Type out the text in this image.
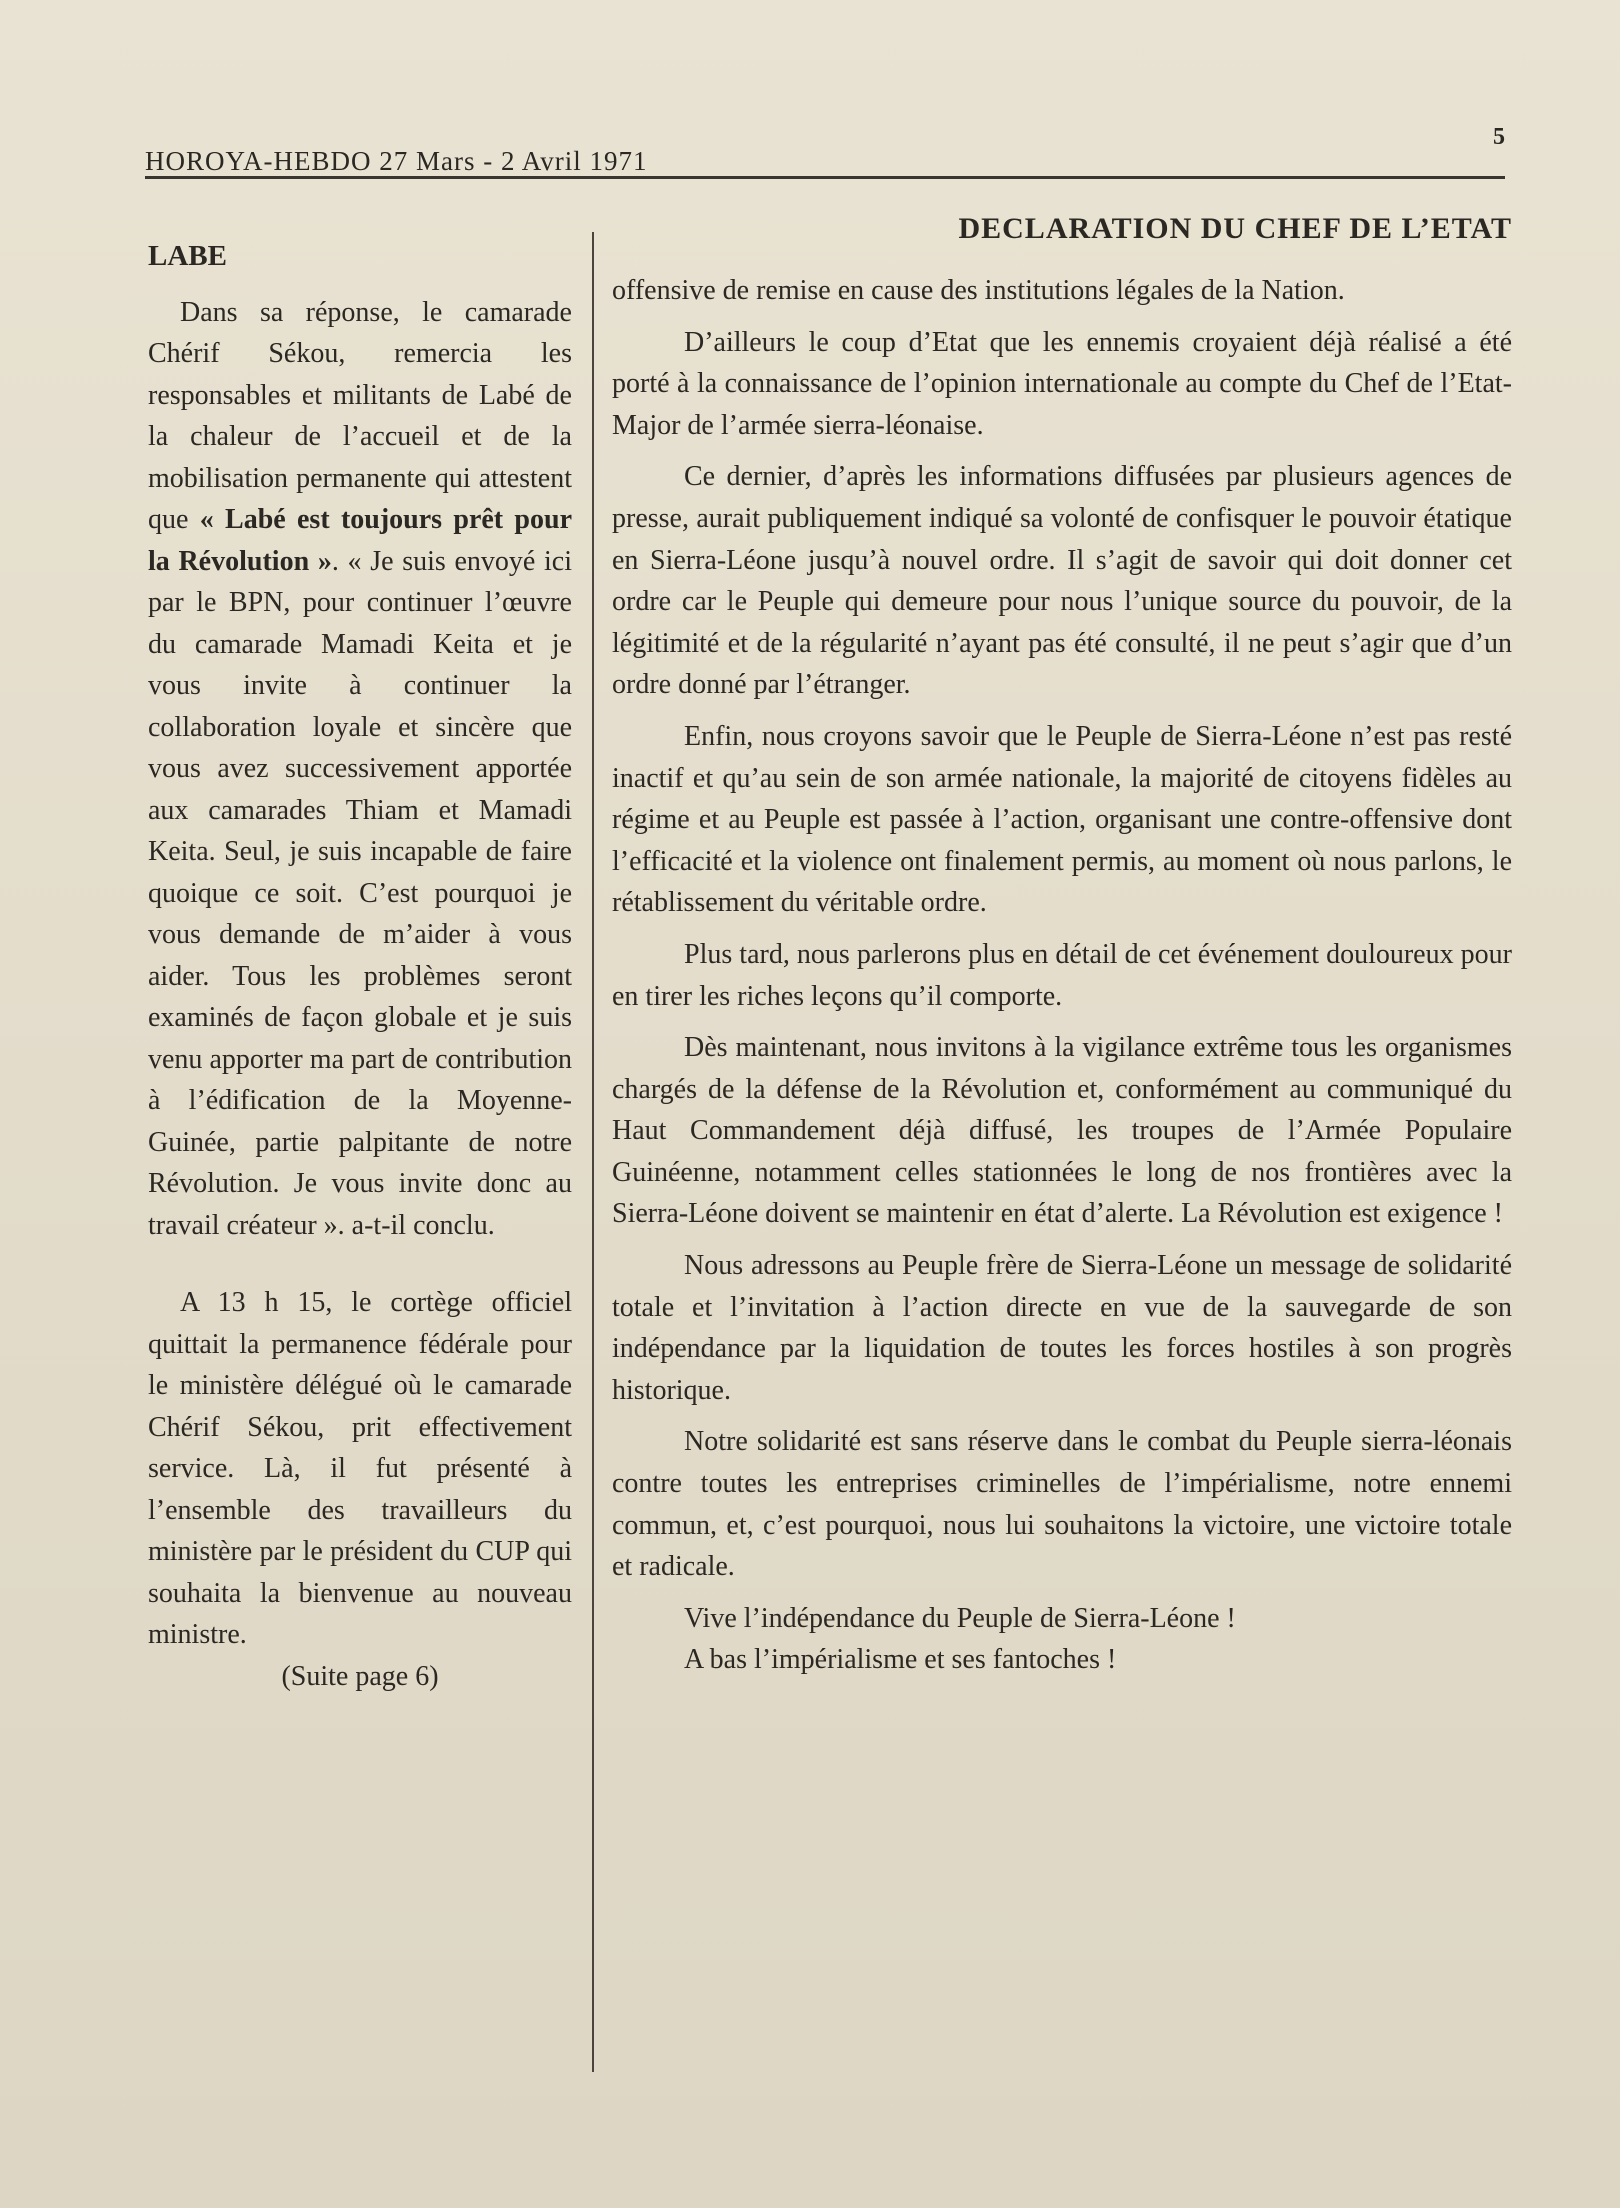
HOROYA-HEBDO 27 Mars - 2 Avril 1971
5
LABE

Dans sa réponse, le camarade Chérif Sékou, remercia les responsables et militants de Labé de la chaleur de l’accueil et de la mobilisation permanente qui attestent que « Labé est toujours prêt pour la Révolution ». « Je suis envoyé ici par le BPN, pour continuer l’œuvre du camarade Mamadi Keita et je vous invite à continuer la collaboration loyale et sincère que vous avez successivement apportée aux camarades Thiam et Mamadi Keita. Seul, je suis incapable de faire quoique ce soit. C’est pourquoi je vous demande de m’aider à vous aider. Tous les problèmes seront examinés de façon globale et je suis venu apporter ma part de contribution à l’édification de la Moyenne-Guinée, partie palpitante de notre Révolution. Je vous invite donc au travail créateur ». a-t-il conclu.

A 13 h 15, le cortège officiel quittait la permanence fédérale pour le ministère délégué où le camarade Chérif Sékou, prit effectivement service. Là, il fut présenté à l’ensemble des travailleurs du ministère par le président du CUP qui souhaita la bienvenue au nouveau ministre.

(Suite page 6)

DECLARATION DU CHEF DE L’ETAT

offensive de remise en cause des institutions légales de la Nation.

D’ailleurs le coup d’Etat que les ennemis croyaient déjà réalisé a été porté à la connaissance de l’opinion internationale au compte du Chef de l’Etat-Major de l’armée sierra-léonaise.

Ce dernier, d’après les informations diffusées par plusieurs agences de presse, aurait publiquement indiqué sa volonté de confisquer le pouvoir étatique en Sierra-Léone jusqu’à nouvel ordre. Il s’agit de savoir qui doit donner cet ordre car le Peuple qui demeure pour nous l’unique source du pouvoir, de la légitimité et de la régularité n’ayant pas été consulté, il ne peut s’agir que d’un ordre donné par l’étranger.

Enfin, nous croyons savoir que le Peuple de Sierra-Léone n’est pas resté inactif et qu’au sein de son armée nationale, la majorité de citoyens fidèles au régime et au Peuple est passée à l’action, organisant une contre-offensive dont l’efficacité et la violence ont finalement permis, au moment où nous parlons, le rétablissement du véritable ordre.

Plus tard, nous parlerons plus en détail de cet événement douloureux pour en tirer les riches leçons qu’il comporte.

Dès maintenant, nous invitons à la vigilance extrême tous les organismes chargés de la défense de la Révolution et, conformément au communiqué du Haut Commandement déjà diffusé, les troupes de l’Armée Populaire Guinéenne, notamment celles stationnées le long de nos frontières avec la Sierra-Léone doivent se maintenir en état d’alerte. La Révolution est exigence !

Nous adressons au Peuple frère de Sierra-Léone un message de solidarité totale et l’invitation à l’action directe en vue de la sauvegarde de son indépendance par la liquidation de toutes les forces hostiles à son progrès historique.

Notre solidarité est sans réserve dans le combat du Peuple sierra-léonais contre toutes les entreprises criminelles de l’impérialisme, notre ennemi commun, et, c’est pourquoi, nous lui souhaitons la victoire, une victoire totale et radicale.

Vive l’indépendance du Peuple de Sierra-Léone !

A bas l’impérialisme et ses fantoches !
